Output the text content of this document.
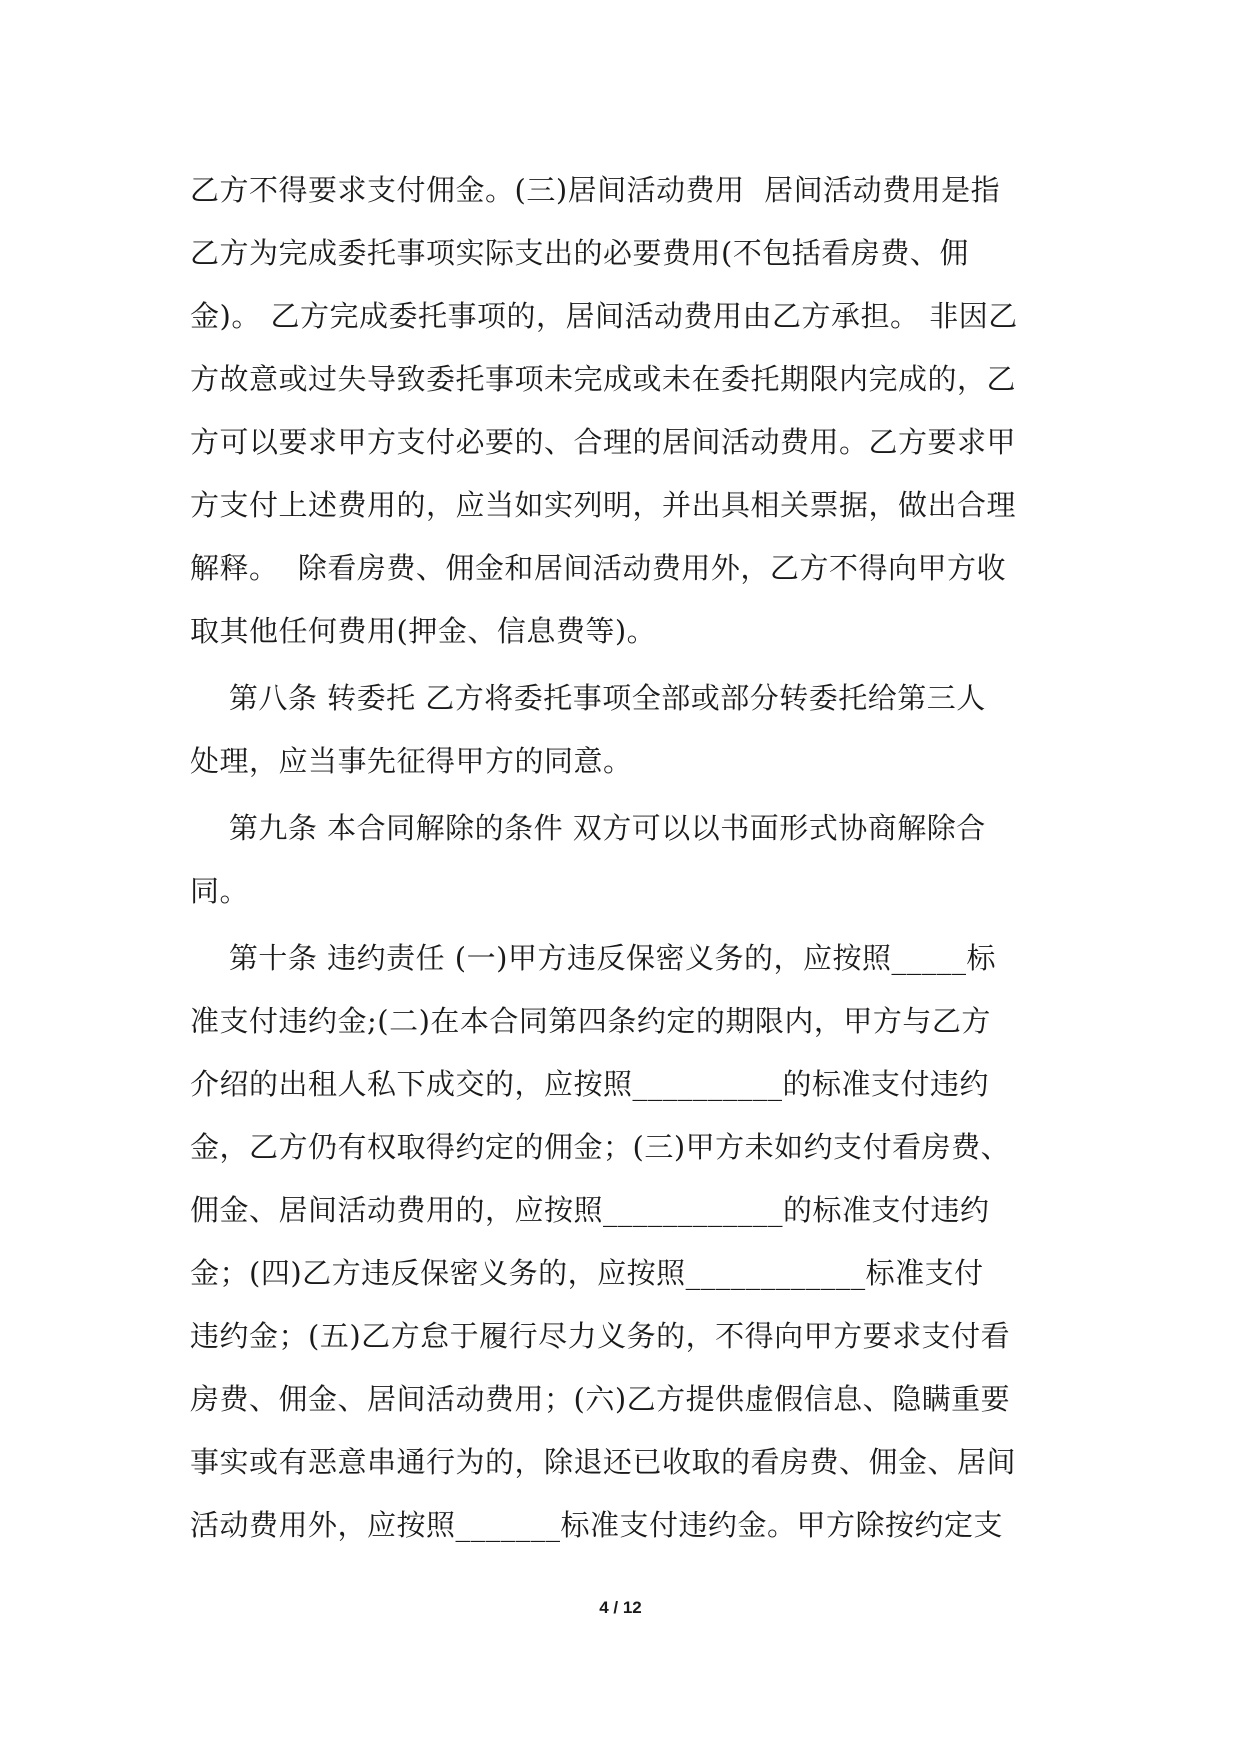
乙方不得要求支付佣金。(三)居间活动费用  居间活动费用是指
乙方为完成委托事项实际支出的必要费用(不包括看房费、佣
金)。 乙方完成委托事项的，居间活动费用由乙方承担。 非因乙
方故意或过失导致委托事项未完成或未在委托期限内完成的，乙
方可以要求甲方支付必要的、合理的居间活动费用。乙方要求甲
方支付上述费用的，应当如实列明，并出具相关票据，做出合理
解释。  除看房费、佣金和居间活动费用外，乙方不得向甲方收
取其他任何费用(押金、信息费等)。
第八条 转委托 乙方将委托事项全部或部分转委托给第三人
处理，应当事先征得甲方的同意。
第九条 本合同解除的条件 双方可以以书面形式协商解除合
同。
第十条 违约责任 (一)甲方违反保密义务的，应按照_____标
准支付违约金;(二)在本合同第四条约定的期限内，甲方与乙方
介绍的出租人私下成交的，应按照__________的标准支付违约
金，乙方仍有权取得约定的佣金；(三)甲方未如约支付看房费、
佣金、居间活动费用的，应按照____________的标准支付违约
金；(四)乙方违反保密义务的，应按照____________标准支付
违约金；(五)乙方怠于履行尽力义务的，不得向甲方要求支付看
房费、佣金、居间活动费用；(六)乙方提供虚假信息、隐瞒重要
事实或有恶意串通行为的，除退还已收取的看房费、佣金、居间
活动费用外，应按照_______标准支付违约金。甲方除按约定支
4 / 12
